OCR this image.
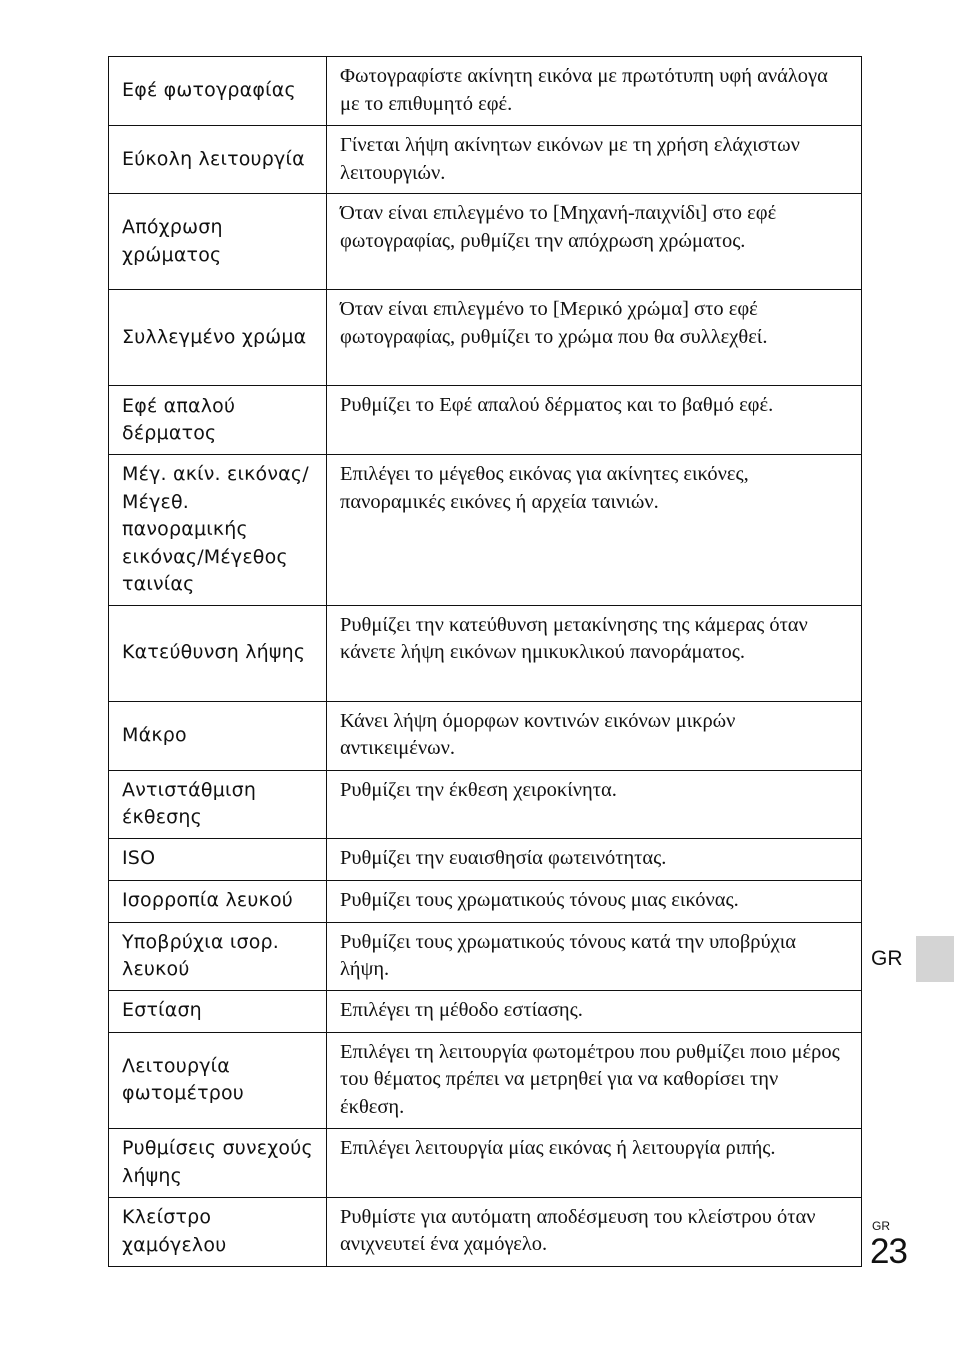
Εφέ φωτογραφίας	Φωτογραφίστε ακίνητη εικόνα με πρωτότυπη υφή ανάλογα με το επιθυμητό εφέ.
Εύκολη λειτουργία	Γίνεται λήψη ακίνητων εικόνων με τη χρήση ελάχιστων λειτουργιών.
Απόχρωση χρώματος	Όταν είναι επιλεγμένο το [Μηχανή-παιχνίδι] στο εφέ φωτογραφίας, ρυθμίζει την απόχρωση χρώματος.
Συλλεγμένο χρώμα	Όταν είναι επιλεγμένο το [Μερικό χρώμα] στο εφέ φωτογραφίας, ρυθμίζει το χρώμα που θα συλλεχθεί.
Εφέ απαλού δέρματος	Ρυθμίζει το Εφέ απαλού δέρματος και το βαθμό εφέ.
Μέγ. ακίν. εικόνας/Μέγεθ. πανοραμικής εικόνας/Μέγεθος ταινίας	Επιλέγει το μέγεθος εικόνας για ακίνητες εικόνες, πανοραμικές εικόνες ή αρχεία ταινιών.
Κατεύθυνση λήψης	Ρυθμίζει την κατεύθυνση μετακίνησης της κάμερας όταν κάνετε λήψη εικόνων ημικυκλικού πανοράματος.
Μάκρο	Κάνει λήψη όμορφων κοντινών εικόνων μικρών αντικειμένων.
Αντιστάθμιση έκθεσης	Ρυθμίζει την έκθεση χειροκίνητα.
ISO	Ρυθμίζει την ευαισθησία φωτεινότητας.
Ισορροπία λευκού	Ρυθμίζει τους χρωματικούς τόνους μιας εικόνας.
Υποβρύχια ισορ. λευκού	Ρυθμίζει τους χρωματικούς τόνους κατά την υποβρύχια λήψη.
Εστίαση	Επιλέγει τη μέθοδο εστίασης.
Λειτουργία φωτομέτρου	Επιλέγει τη λειτουργία φωτομέτρου που ρυθμίζει ποιο μέρος του θέματος πρέπει να μετρηθεί για να καθορίσει την έκθεση.
Ρυθμίσεις συνεχούς λήψης	Επιλέγει λειτουργία μίας εικόνας ή λειτουργία ριπής.
Κλείστρο χαμόγελου	Ρυθμίστε για αυτόματη αποδέσμευση του κλείστρου όταν ανιχνευτεί ένα χαμόγελο.
GR
GR
23
